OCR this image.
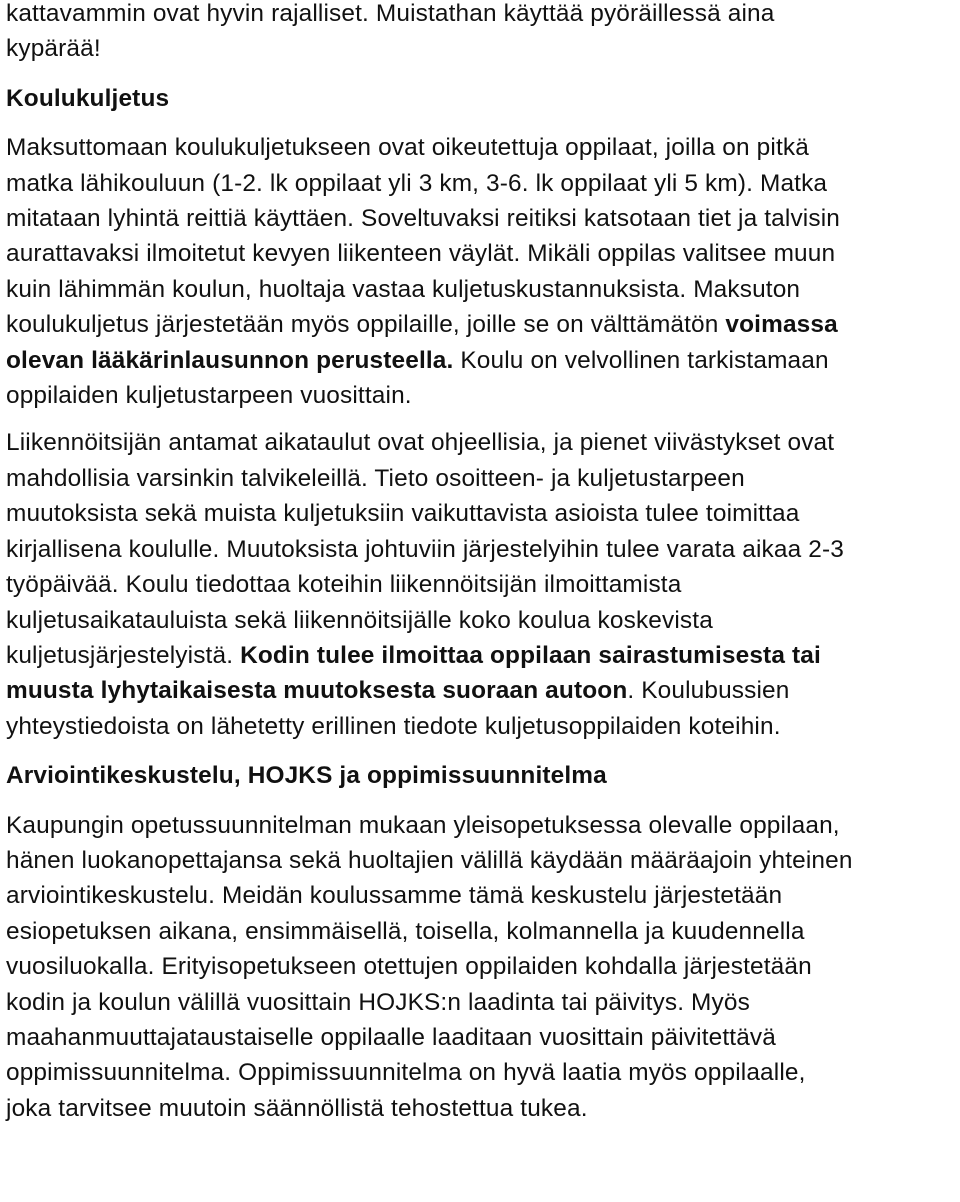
kattavammin ovat hyvin rajalliset. Muistathan käyttää pyöräillessä aina
kypärää!

Koulukuljetus

Maksuttomaan koulukuljetukseen ovat oikeutettuja oppilaat, joilla on pitkä
matka lähikouluun (1-2. lk oppilaat yli 3 km, 3-6. lk oppilaat yli 5 km). Matka
mitataan lyhintä reittiä käyttäen. Soveltuvaksi reitiksi katsotaan tiet ja talvisin
aurattavaksi ilmoitetut kevyen liikenteen väylät. Mikäli oppilas valitsee muun
kuin lähimmän koulun, huoltaja vastaa kuljetuskustannuksista. Maksuton
koulukuljetus järjestetään myös oppilaille, joille se on välttämätön voimassa
olevan lääkärinlausunnon perusteella. Koulu on velvollinen tarkistamaan
oppilaiden kuljetustarpeen vuosittain.

Liikennöitsijän antamat aikataulut ovat ohjeellisia, ja pienet viivästykset ovat
mahdollisia varsinkin talvikeleillä. Tieto osoitteen- ja kuljetustarpeen
muutoksista sekä muista kuljetuksiin vaikuttavista asioista tulee toimittaa
kirjallisena koululle. Muutoksista johtuviin järjestelyihin tulee varata aikaa 2-3
työpäivää. Koulu tiedottaa koteihin liikennöitsijän ilmoittamista
kuljetusaikatauluista sekä liikennöitsijälle koko koulua koskevista
kuljetusjärjestelyistä. Kodin tulee ilmoittaa oppilaan sairastumisesta tai
muusta lyhytaikaisesta muutoksesta suoraan autoon. Koulubussien
yhteystiedoista on lähetetty erillinen tiedote kuljetusoppilaiden koteihin.

Arviointikeskustelu, HOJKS ja oppimissuunnitelma

Kaupungin opetussuunnitelman mukaan yleisopetuksessa olevalle oppilaan,
hänen luokanopettajansa sekä huoltajien välillä käydään määräajoin yhteinen
arviointikeskustelu. Meidän koulussamme tämä keskustelu järjestetään
esiopetuksen aikana, ensimmäisellä, toisella, kolmannella ja kuudennella
vuosiluokalla. Erityisopetukseen otettujen oppilaiden kohdalla järjestetään
kodin ja koulun välillä vuosittain HOJKS:n laadinta tai päivitys. Myös
maahanmuuttajataustaiselle oppilaalle laaditaan vuosittain päivitettävä
oppimissuunnitelma. Oppimissuunnitelma on hyvä laatia myös oppilaalle,
joka tarvitsee muutoin säännöllistä tehostettua tukea.
